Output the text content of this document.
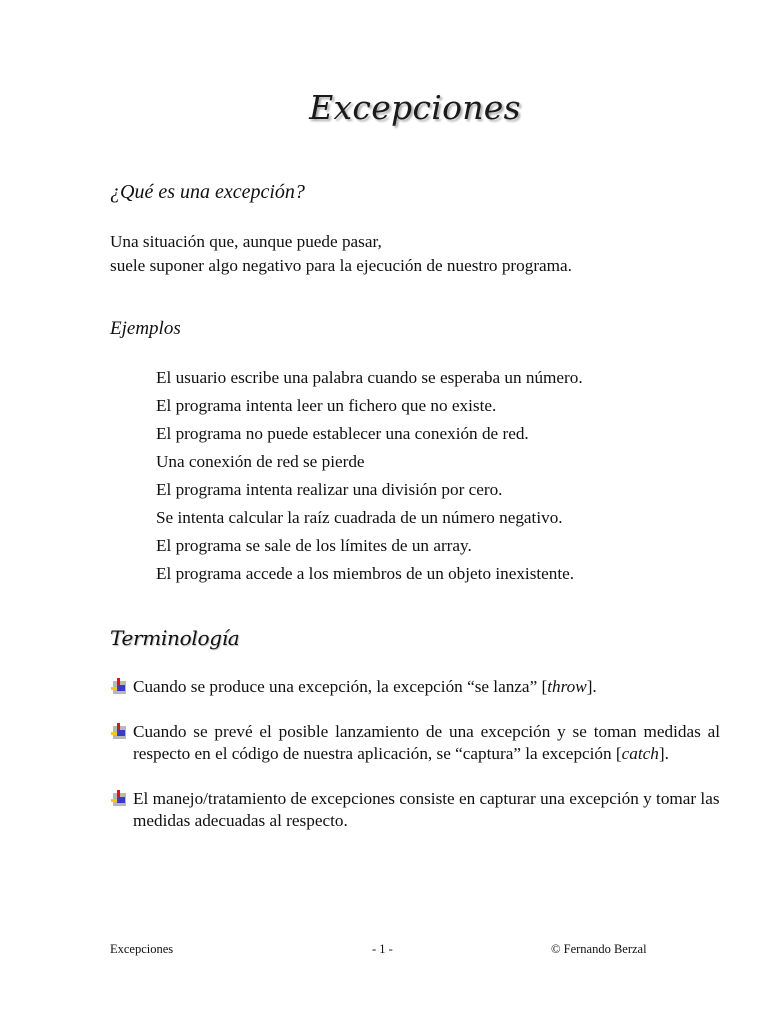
Excepciones
¿Qué es una excepción?
Una situación que, aunque puede pasar,
suele suponer algo negativo para la ejecución de nuestro programa.
Ejemplos
El usuario escribe una palabra cuando se esperaba un número.
El programa intenta leer un fichero que no existe.
El programa no puede establecer una conexión de red.
Una conexión de red se pierde
El programa intenta realizar una división por cero.
Se intenta calcular la raíz cuadrada de un número negativo.
El programa se sale de los límites de un array.
El programa accede a los miembros de un objeto inexistente.
Terminología
Cuando se produce una excepción, la excepción “se lanza” [throw].
Cuando se prevé el posible lanzamiento de una excepción y se toman medidas al respecto en el código de nuestra aplicación, se “captura” la excepción [catch].
El manejo/tratamiento de excepciones consiste en capturar una excepción y tomar las medidas adecuadas al respecto.
Excepciones	- 1 -	© Fernando Berzal
